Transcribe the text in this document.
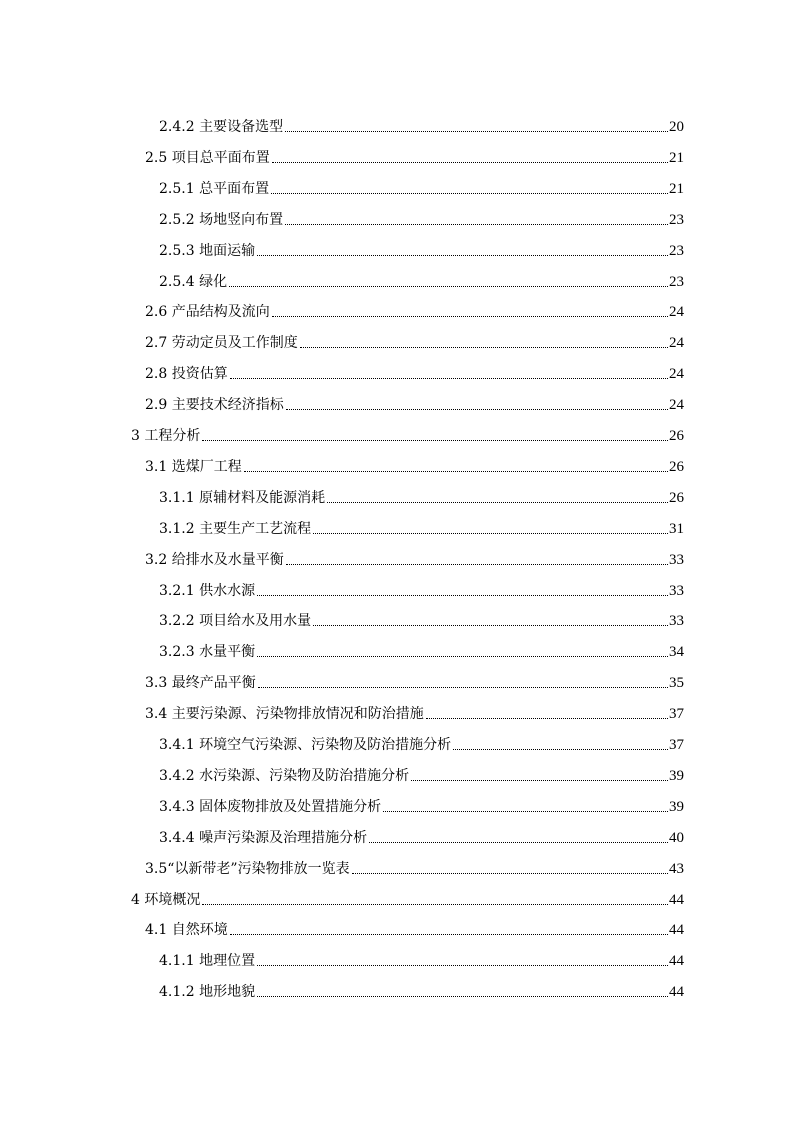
2.4.2 主要设备选型	20
2.5 项目总平面布置	21
2.5.1 总平面布置	21
2.5.2 场地竖向布置	23
2.5.3 地面运输	23
2.5.4 绿化	23
2.6 产品结构及流向	24
2.7 劳动定员及工作制度	24
2.8 投资估算	24
2.9 主要技术经济指标	24
3 工程分析	26
3.1 选煤厂工程	26
3.1.1 原辅材料及能源消耗	26
3.1.2 主要生产工艺流程	31
3.2 给排水及水量平衡	33
3.2.1 供水水源	33
3.2.2 项目给水及用水量	33
3.2.3 水量平衡	34
3.3 最终产品平衡	35
3.4 主要污染源、污染物排放情况和防治措施	37
3.4.1 环境空气污染源、污染物及防治措施分析	37
3.4.2 水污染源、污染物及防治措施分析	39
3.4.3 固体废物排放及处置措施分析	39
3.4.4 噪声污染源及治理措施分析	40
3.5“以新带老”污染物排放一览表	43
4 环境概况	44
4.1 自然环境	44
4.1.1 地理位置	44
4.1.2 地形地貌	44
